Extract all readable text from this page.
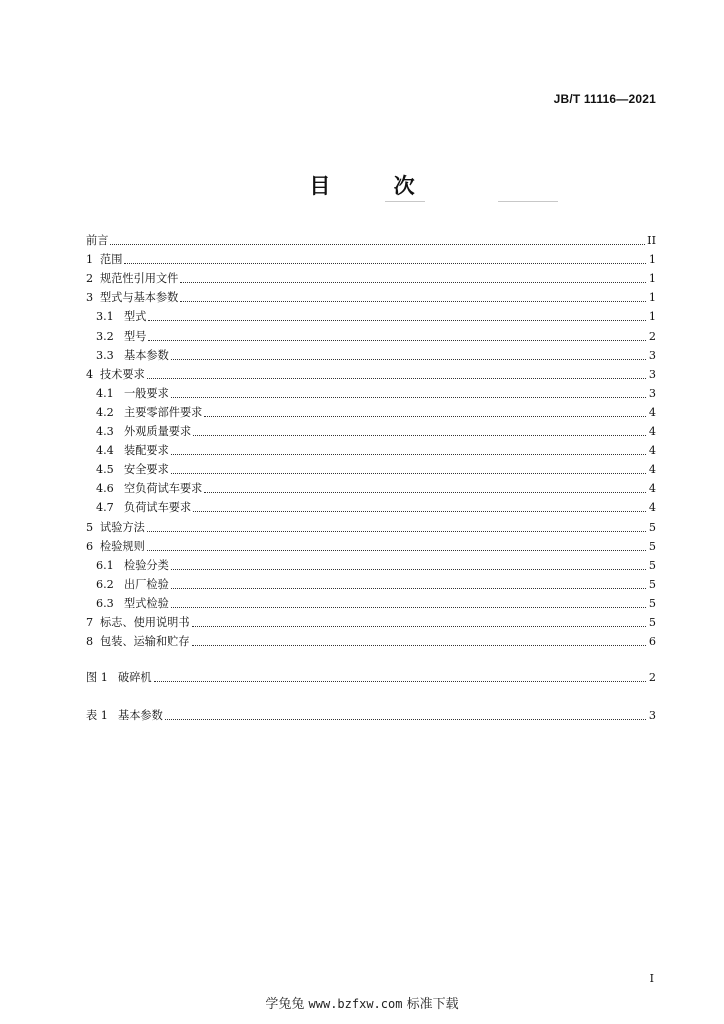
JB/T 11116—2021
目 次
前言	II
1 范围	1
2 规范性引用文件	1
3 型式与基本参数	1
3.1 型式	1
3.2 型号	2
3.3 基本参数	3
4 技术要求	3
4.1 一般要求	3
4.2 主要零部件要求	4
4.3 外观质量要求	4
4.4 装配要求	4
4.5 安全要求	4
4.6 空负荷试车要求	4
4.7 负荷试车要求	4
5 试验方法	5
6 检验规则	5
6.1 检验分类	5
6.2 出厂检验	5
6.3 型式检验	5
7 标志、使用说明书	5
8 包装、运输和贮存	6
图 1 破碎机	2
表 1 基本参数	3
I
学兔兔 www.bzfxw.com 标准下载
